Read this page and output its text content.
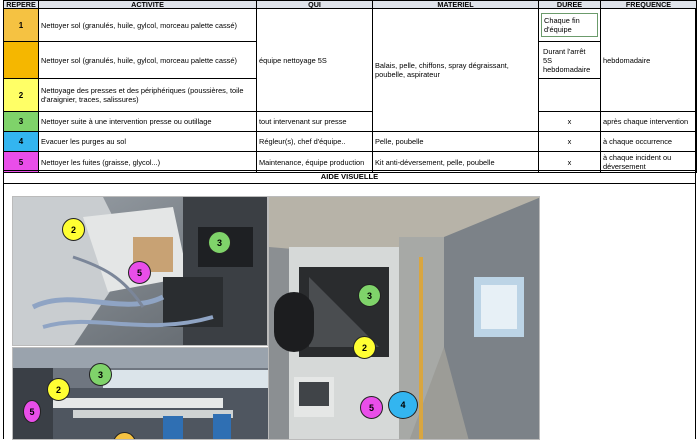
REPERE	ACTIVITE	QUI	MATERIEL	DUREE	FREQUENCE
1	Nettoyer sol (granulés, huile, gylcol, morceau palette cassé)	équipe nettoyage 5S	Balais, pelle, chiffons, spray dégraissant, poubelle, aspirateur	Chaque fin d'équipe	hebdomadaire
	Nettoyer sol (granulés, huile, gylcol, morceau palette cassé)			Durant l'arrêt 5S hebdomadaire	

2	Nettoyage des presses et des périphériques (poussières, toile d'araignier, traces, salissures)				
3	Nettoyer suite à une intervention presse ou outillage	tout intervenant sur presse		x	après chaque intervention
4	Evacuer les purges au sol	Régleur(s), chef d'équipe..	Pelle, poubelle	x	à chaque occurrence
5	Nettoyer les fuites (graisse, glycol...)	Maintenance, équipe production	Kit anti-déversement, pelle, poubelle	x	à chaque incident ou déversement
AIDE VISUELLE
2
3
5
2
3
5
3
2
5	4
